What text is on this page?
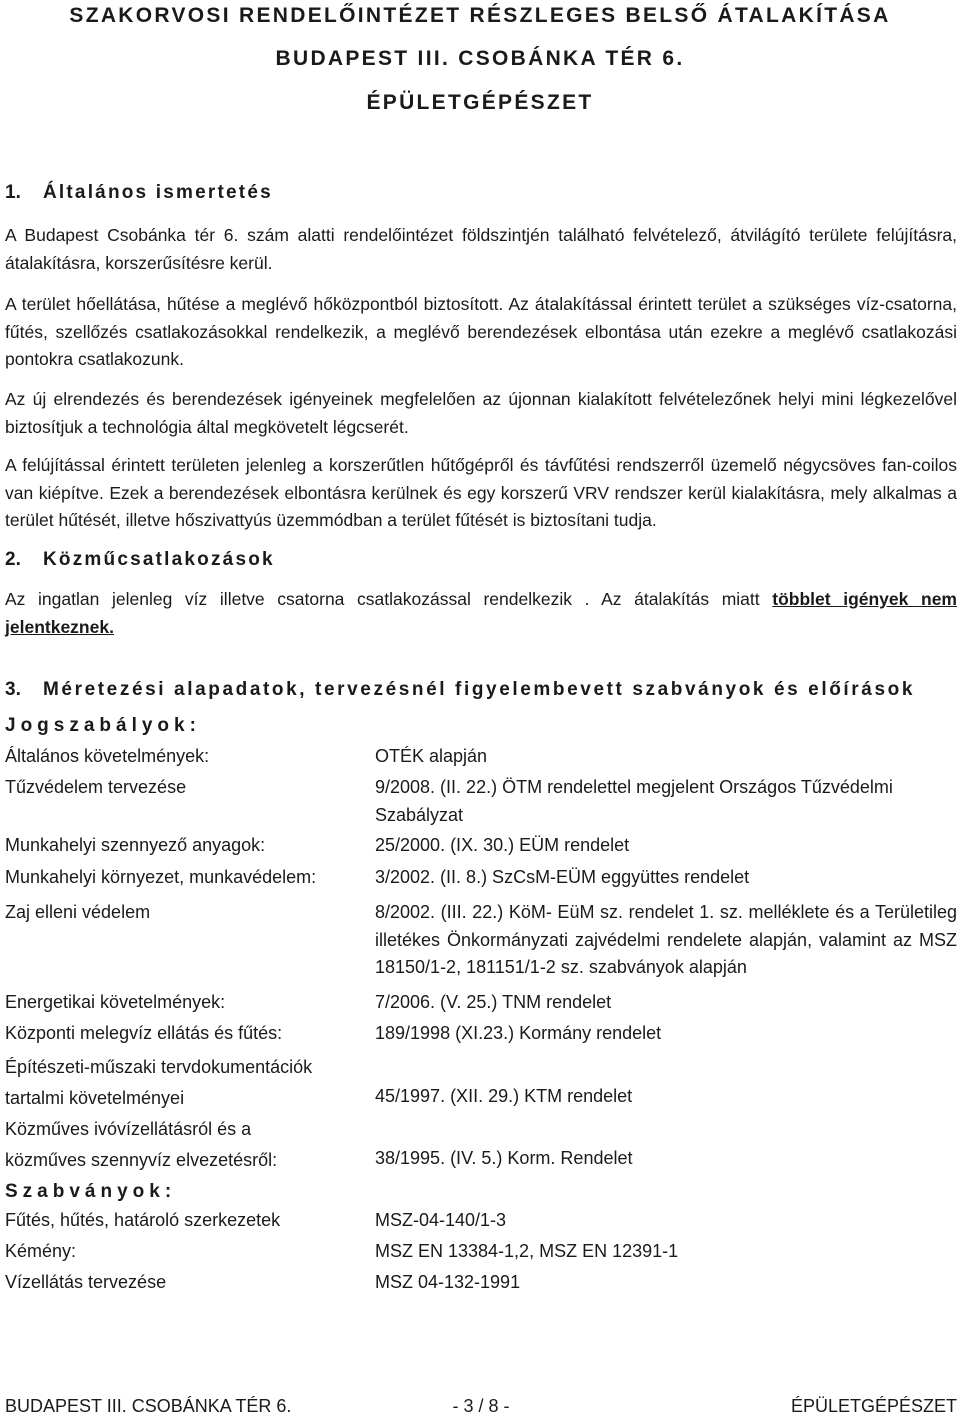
SZAKORVOSI RENDELŐINTÉZET RÉSZLEGES BELSŐ ÁTALAKÍTÁSA
BUDAPEST III. CSOBÁNKA TÉR 6.
ÉPÜLETGÉPÉSZET
1. Általános ismertetés
A Budapest Csobánka tér 6. szám alatti rendelőintézet földszintjén található felvételező, átvilágító területe felújításra, átalakításra, korszerűsítésre kerül.
A terület hőellátása, hűtése a meglévő hőközpontból biztosított. Az átalakítással érintett terület a szükséges víz-csatorna, fűtés, szellőzés csatlakozásokkal rendelkezik, a meglévő berendezések elbontása után ezekre a meglévő csatlakozási pontokra csatlakozunk.
Az új elrendezés és berendezések igényeinek megfelelően az újonnan kialakított felvételezőnek helyi mini légkezelővel biztosítjuk a technológia által megkövetelt légcserét.
A felújítással érintett területen jelenleg a korszerűtlen hűtőgépről és távfűtési rendszerről üzemelő négycsöves fan-coilos van kiépítve. Ezek a berendezések elbontásra kerülnek és egy korszerű VRV rendszer kerül kialakításra, mely alkalmas a terület hűtését, illetve hőszivattyús üzemmódban a terület fűtését is biztosítani tudja.
2. Közműcsatlakozások
Az ingatlan jelenleg víz illetve csatorna csatlakozással rendelkezik . Az átalakítás miatt többlet igények nem jelentkeznek.
3. Méretezési alapadatok, tervezésnél figyelembevett szabványok és előírások
Jogszabályok:
Általános követelmények:	OTÉK alapján
Tűzvédelem tervezése	9/2008. (II. 22.) ÖTM rendelettel megjelent Országos Tűzvédelmi Szabályzat
Munkahelyi szennyező anyagok:	25/2000. (IX. 30.) EÜM rendelet
Munkahelyi környezet, munkavédelem:	3/2002. (II. 8.) SzCsM-EÜM eggyüttes rendelet
Zaj elleni védelem	8/2002. (III. 22.) KöM- EüM sz. rendelet 1. sz. melléklete és a Területileg illetékes Önkormányzati zajvédelmi rendelete alapján, valamint az MSZ 18150/1-2, 181151/1-2 sz. szabványok alapján
Energetikai követelmények:	7/2006. (V. 25.) TNM rendelet
Központi melegvíz ellátás és fűtés:	189/1998 (XI.23.) Kormány rendelet
Építészeti-műszaki tervdokumentációk tartalmi követelményei	45/1997. (XII. 29.) KTM rendelet
Közműves ivóvízellátásról és a közműves szennyvíz elvezetésről:	38/1995. (IV. 5.) Korm. Rendelet
Szabványok:
Fűtés, hűtés, határoló szerkezetek	MSZ-04-140/1-3
Kémény:	MSZ EN 13384-1,2, MSZ EN 12391-1
Vízellátás tervezése	MSZ 04-132-1991
BUDAPEST III. CSOBÁNKA TÉR 6.	- 3 / 8 -	ÉPÜLETGÉPÉSZET
